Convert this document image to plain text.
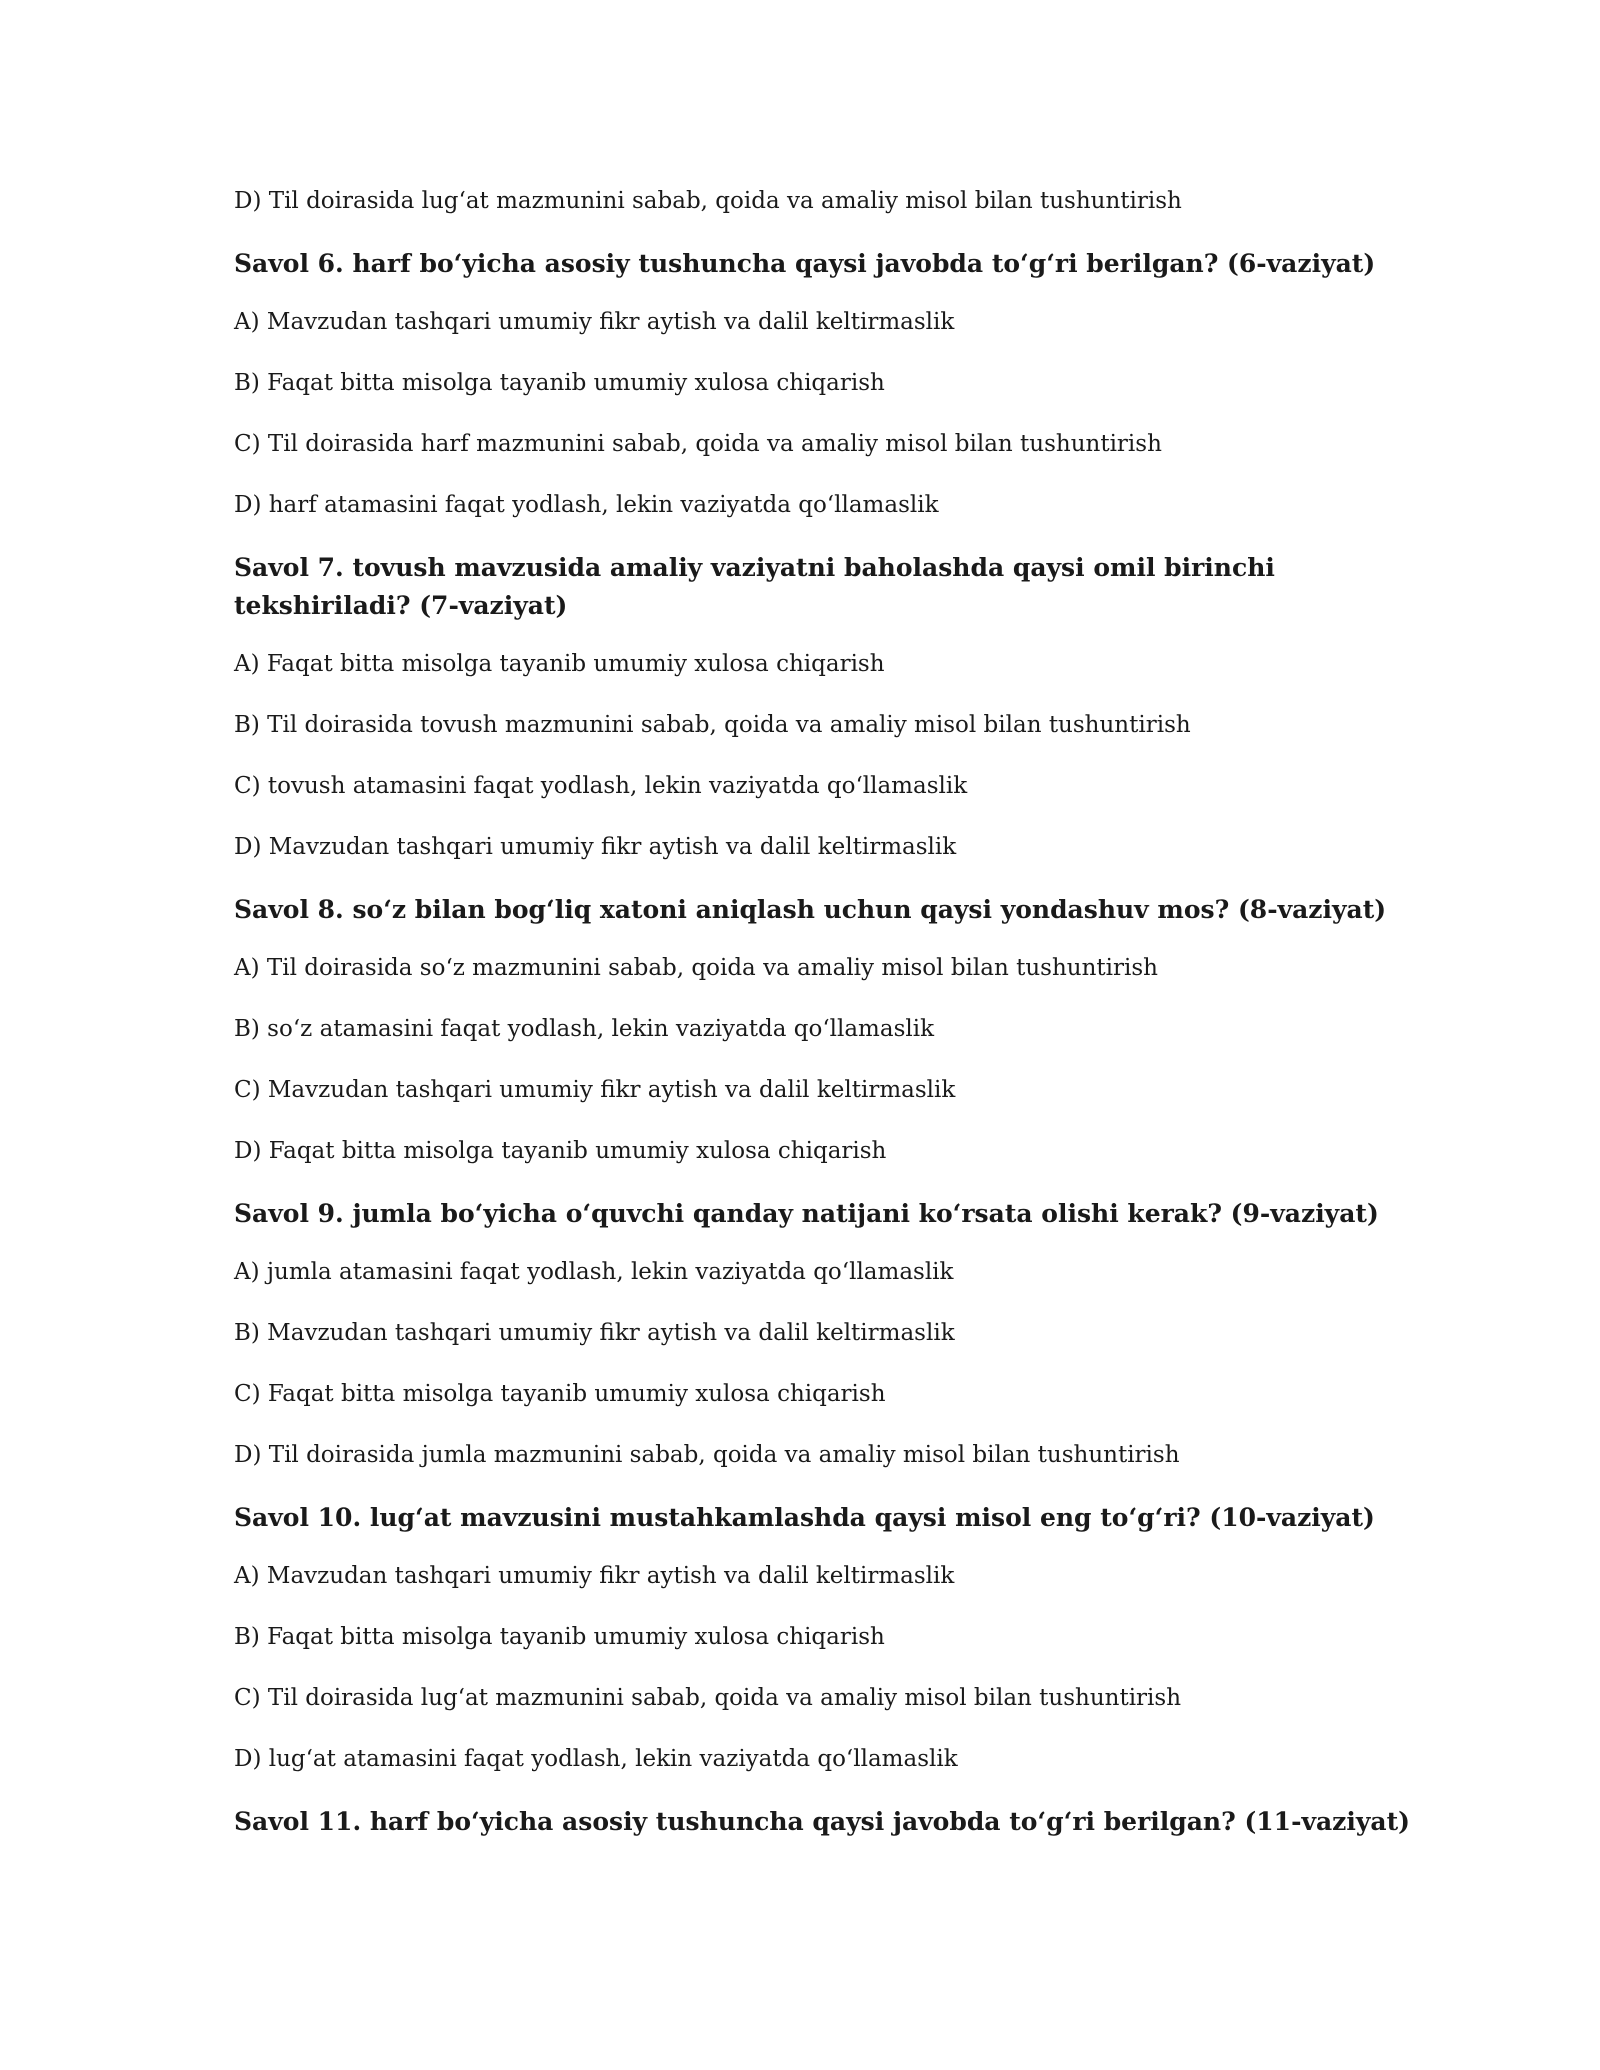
D) Til doirasida lug‘at mazmunini sabab, qoida va amaliy misol bilan tushuntirish
Savol 6. harf bo‘yicha asosiy tushuncha qaysi javobda to‘g‘ri berilgan? (6-vaziyat)
A) Mavzudan tashqari umumiy fikr aytish va dalil keltirmaslik
B) Faqat bitta misolga tayanib umumiy xulosa chiqarish
C) Til doirasida harf mazmunini sabab, qoida va amaliy misol bilan tushuntirish
D) harf atamasini faqat yodlash, lekin vaziyatda qo‘llamaslik
Savol 7. tovush mavzusida amaliy vaziyatni baholashda qaysi omil birinchi tekshiriladi? (7-vaziyat)
A) Faqat bitta misolga tayanib umumiy xulosa chiqarish
B) Til doirasida tovush mazmunini sabab, qoida va amaliy misol bilan tushuntirish
C) tovush atamasini faqat yodlash, lekin vaziyatda qo‘llamaslik
D) Mavzudan tashqari umumiy fikr aytish va dalil keltirmaslik
Savol 8. so‘z bilan bog‘liq xatoni aniqlash uchun qaysi yondashuv mos? (8-vaziyat)
A) Til doirasida so‘z mazmunini sabab, qoida va amaliy misol bilan tushuntirish
B) so‘z atamasini faqat yodlash, lekin vaziyatda qo‘llamaslik
C) Mavzudan tashqari umumiy fikr aytish va dalil keltirmaslik
D) Faqat bitta misolga tayanib umumiy xulosa chiqarish
Savol 9. jumla bo‘yicha o‘quvchi qanday natijani ko‘rsata olishi kerak? (9-vaziyat)
A) jumla atamasini faqat yodlash, lekin vaziyatda qo‘llamaslik
B) Mavzudan tashqari umumiy fikr aytish va dalil keltirmaslik
C) Faqat bitta misolga tayanib umumiy xulosa chiqarish
D) Til doirasida jumla mazmunini sabab, qoida va amaliy misol bilan tushuntirish
Savol 10. lug‘at mavzusini mustahkamlashda qaysi misol eng to‘g‘ri? (10-vaziyat)
A) Mavzudan tashqari umumiy fikr aytish va dalil keltirmaslik
B) Faqat bitta misolga tayanib umumiy xulosa chiqarish
C) Til doirasida lug‘at mazmunini sabab, qoida va amaliy misol bilan tushuntirish
D) lug‘at atamasini faqat yodlash, lekin vaziyatda qo‘llamaslik
Savol 11. harf bo‘yicha asosiy tushuncha qaysi javobda to‘g‘ri berilgan? (11-vaziyat)
